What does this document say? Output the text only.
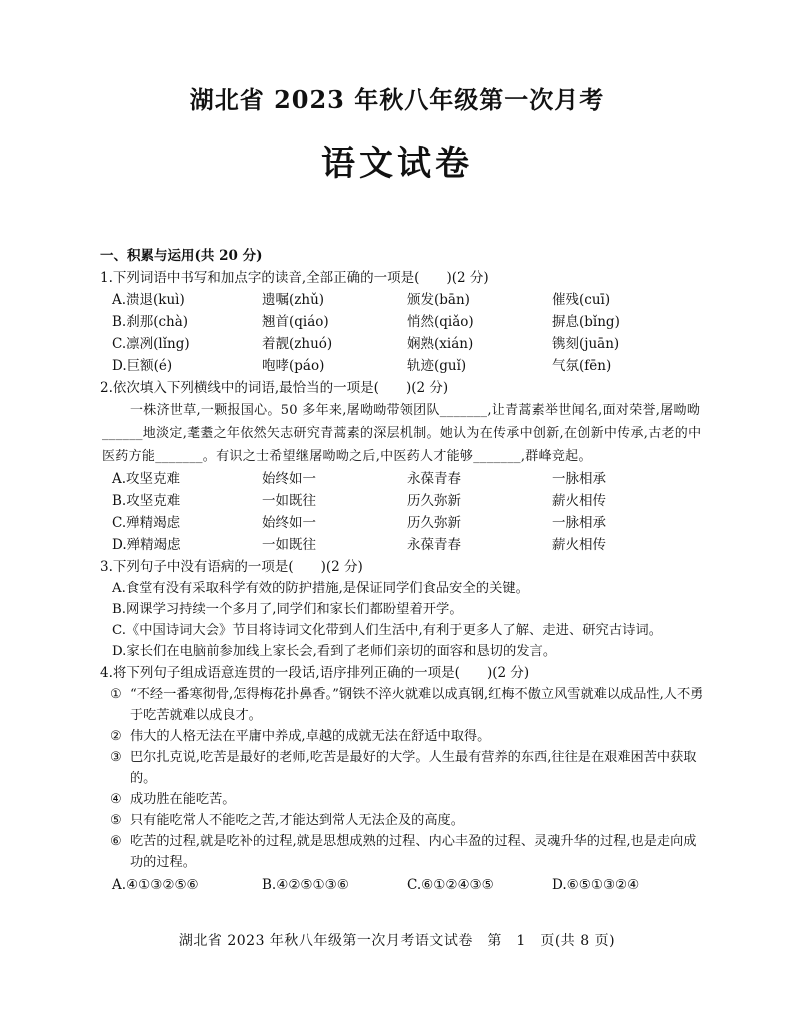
湖北省 2023 年秋八年级第一次月考
语文试卷
一、积累与运用(共 20 分)
1.下列词语中书写和加点字的读音,全部正确的一项是(　　)(2 分)
A.溃退(kuì)	遗嘱(zhǔ)	颁发(bān)	催残(cuī)
B.刹那(chà)	翘首(qiáo)	悄然(qiǎo)	摒息(bǐng)
C.凛冽(lǐng)	着靓(zhuó)	娴熟(xián)	镌刻(juān)
D.巨额(é)	咆哮(páo)	轨迹(guǐ)	气氛(fēn)
2.依次填入下列横线中的词语,最恰当的一项是(　　)(2 分)

一株济世草,一颗报国心。50 多年来,屠呦呦带领团队_______,让青蒿素举世闻名,面对荣誉,屠呦呦______地淡定,耄耋之年依然矢志研究青蒿素的深层机制。她认为在传承中创新,在创新中传承,古老的中医药方能_______。有识之士希望继屠呦呦之后,中医药人才能够_______,群峰竞起。

A.攻坚克难	始终如一	永葆青春	一脉相承
B.攻坚克难	一如既往	历久弥新	薪火相传
C.殚精竭虑	始终如一	历久弥新	一脉相承
D.殚精竭虑	一如既往	永葆青春	薪火相传
3.下列句子中没有语病的一项是(　　)(2 分)
A.食堂有没有采取科学有效的防护措施,是保证同学们食品安全的关键。
B.网课学习持续一个多月了,同学们和家长们都盼望着开学。
C.《中国诗词大会》节目将诗词文化带到人们生活中,有利于更多人了解、走进、研究古诗词。
D.家长们在电脑前参加线上家长会,看到了老师们亲切的面容和恳切的发言。
4.将下列句子组成语意连贯的一段话,语序排列正确的一项是(　　)(2 分)
① “不经一番寒彻骨,怎得梅花扑鼻香。”钢铁不淬火就难以成真钢,红梅不傲立风雪就难以成品性,人不勇于吃苦就难以成良才。
② 伟大的人格无法在平庸中养成,卓越的成就无法在舒适中取得。
③ 巴尔扎克说,吃苦是最好的老师,吃苦是最好的大学。人生最有营养的东西,往往是在艰难困苦中获取的。
④ 成功胜在能吃苦。
⑤ 只有能吃常人不能吃之苦,才能达到常人无法企及的高度。
⑥ 吃苦的过程,就是吃补的过程,就是思想成熟的过程、内心丰盈的过程、灵魂升华的过程,也是走向成功的过程。
A.④①③②⑤⑥	B.④②⑤①③⑥	C.⑥①②④③⑤	D.⑥⑤①③②④
湖北省 2023 年秋八年级第一次月考语文试卷　第　1　页(共 8 页)
